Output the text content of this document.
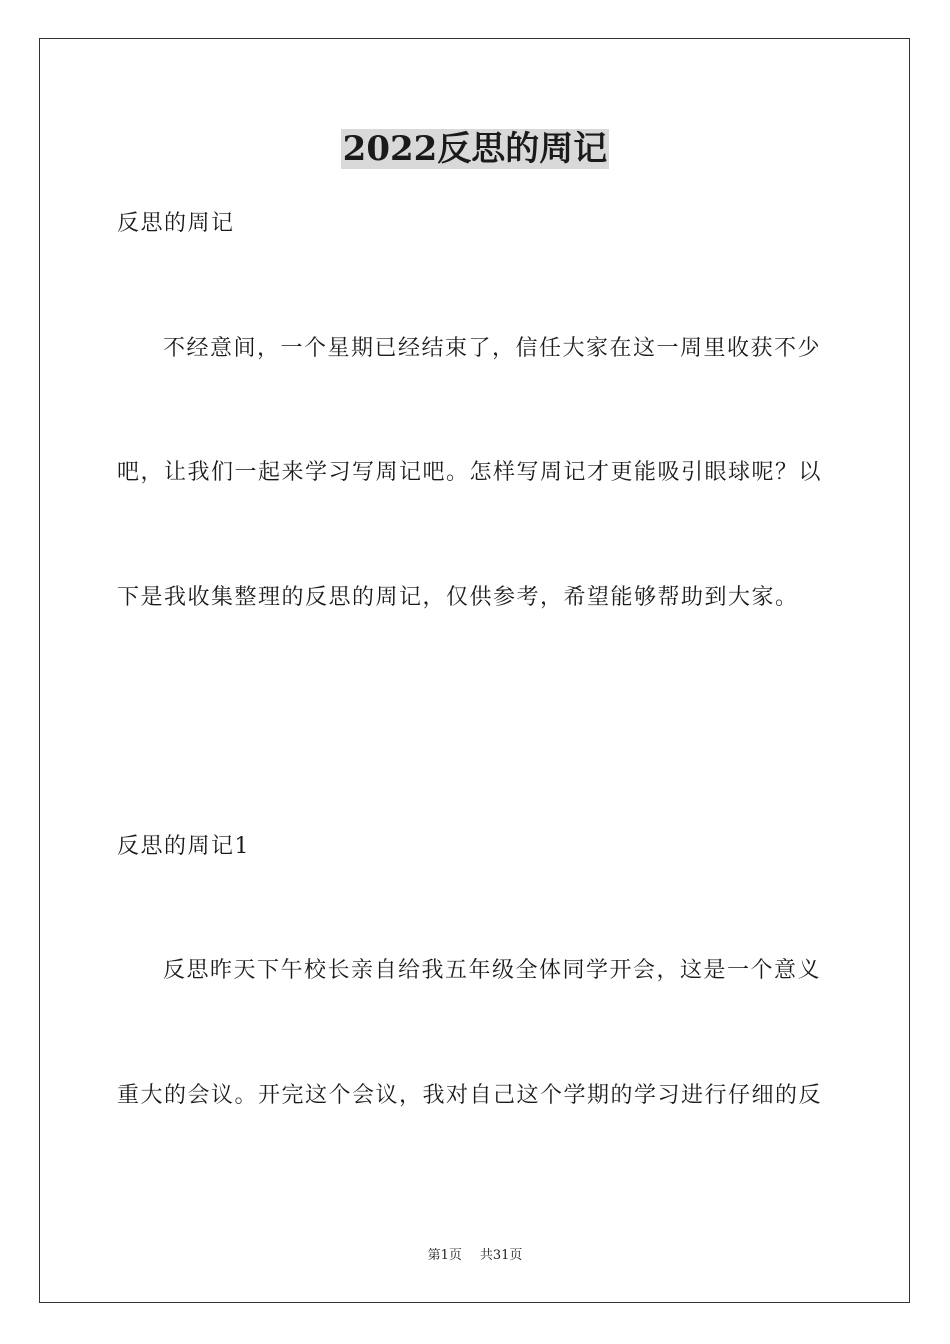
2022反思的周记
反思的周记
不经意间，一个星期已经结束了，信任大家在这一周里收获不少
吧，让我们一起来学习写周记吧。怎样写周记才更能吸引眼球呢？以
下是我收集整理的反思的周记，仅供参考，希望能够帮助到大家。
反思的周记1
反思昨天下午校长亲自给我五年级全体同学开会，这是一个意义
重大的会议。开完这个会议，我对自己这个学期的学习进行仔细的反
第1页 共31页
